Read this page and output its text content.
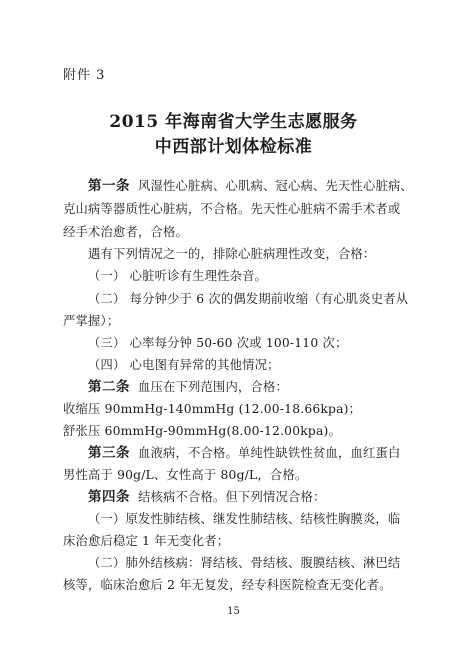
附件 3
2015 年海南省大学生志愿服务
中西部计划体检标准
第一条 风湿性心脏病、心肌病、冠心病、先天性心脏病、
克山病等器质性心脏病，不合格。先天性心脏病不需手术者或
经手术治愈者，合格。
遇有下列情况之一的，排除心脏病理性改变，合格：
（一） 心脏听诊有生理性杂音。
（二） 每分钟少于 6 次的偶发期前收缩（有心肌炎史者从
严掌握）；
（三） 心率每分钟 50-60 次或 100-110 次；
（四） 心电图有异常的其他情况；
第二条 血压在下列范围内，合格：
收缩压 90mmHg-140mmHg (12.00-18.66kpa)；
舒张压 60mmHg-90mmHg(8.00-12.00kpa)。
第三条 血液病，不合格。单纯性缺铁性贫血，血红蛋白
男性高于 90g/L、女性高于 80g/L，合格。
第四条 结核病不合格。但下列情况合格：
（一）原发性肺结核、继发性肺结核、结核性胸膜炎，临
15
床治愈后稳定 1 年无变化者；
（二）肺外结核病：肾结核、骨结核、腹膜结核、淋巴结
核等，临床治愈后 2 年无复发，经专科医院检查无变化者。
